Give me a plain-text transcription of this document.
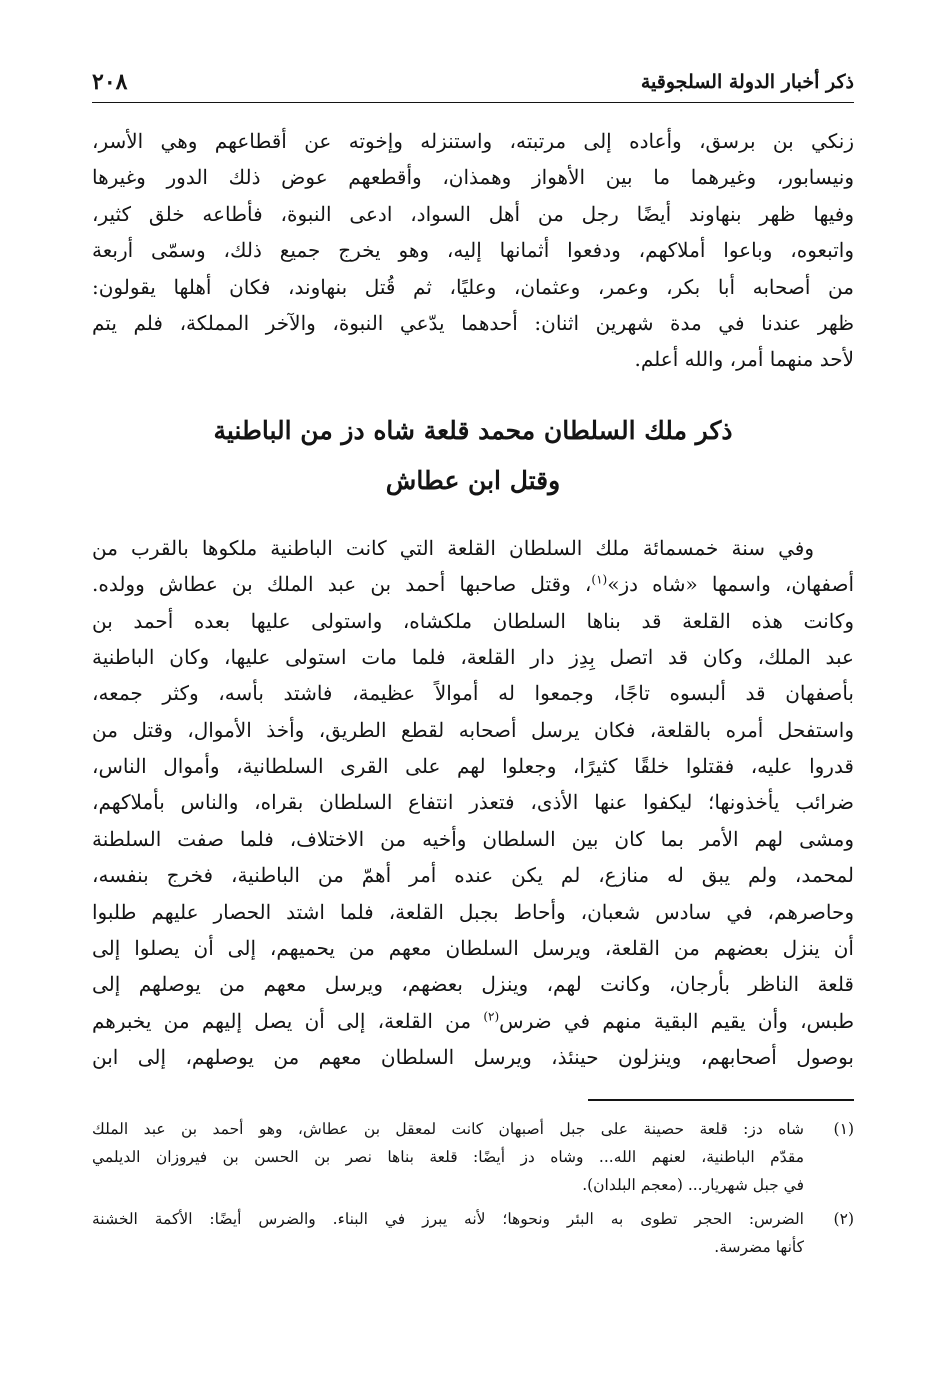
ذكر أخبار الدولة السلجوقية
٢٠٨
زنكي بن برسق، وأعاده إلى مرتبته، واستنزله وإخوته عن أقطاعهم وهي الأسر،
ونيسابور، وغيرهما ما بين الأهواز وهمذان، وأقطعهم عوض ذلك الدور وغيرها
وفيها ظهر بنهاوند أيضًا رجل من أهل السواد، ادعى النبوة، فأطاعه خلق كثير،
واتبعوه، وباعوا أملاكهم، ودفعوا أثمانها إليه، وهو يخرج جميع ذلك، وسمّى أربعة
من أصحابه أبا بكر، وعمر، وعثمان، وعليًا، ثم قُتل بنهاوند، فكان أهلها يقولون:
ظهر عندنا في مدة شهرين اثنان: أحدهما يدّعي النبوة، والآخر المملكة، فلم يتم
لأحد منهما أمر، والله أعلم.
ذكر ملك السلطان محمد قلعة شاه دز من الباطنية
وقتل ابن عطاش
وفي سنة خمسمائة ملك السلطان القلعة التي كانت الباطنية ملكوها بالقرب من
أصفهان، واسمها «شاه دز»$^{(١)}$، وقتل صاحبها أحمد بن عبد الملك بن عطاش وولده.
وكانت هذه القلعة قد بناها السلطان ملكشاه، واستولى عليها بعده أحمد بن
عبد الملك، وكان قد اتصل بِدِز دار القلعة، فلما مات استولى عليها، وكان الباطنية
بأصفهان قد ألبسوه تاجًا، وجمعوا له أموالاً عظيمة، فاشتد بأسه، وكثر جمعه،
واستفحل أمره بالقلعة، فكان يرسل أصحابه لقطع الطريق، وأخذ الأموال، وقتل من
قدروا عليه، فقتلوا خلقًا كثيرًا، وجعلوا لهم على القرى السلطانية، وأموال الناس،
ضرائب يأخذونها؛ ليكفوا عنها الأذى، فتعذر انتفاع السلطان بقراه، والناس بأملاكهم،
ومشى لهم الأمر بما كان بين السلطان وأخيه من الاختلاف، فلما صفت السلطنة
لمحمد، ولم يبق له منازع، لم يكن عنده أمر أهمّ من الباطنية، فخرج بنفسه،
وحاصرهم، في سادس شعبان، وأحاط بجبل القلعة، فلما اشتد الحصار عليهم طلبوا
أن ينزل بعضهم من القلعة، ويرسل السلطان معهم من يحميهم، إلى أن يصلوا إلى
قلعة الناظر بأرجان، وكانت لهم، وينزل بعضهم، ويرسل معهم من يوصلهم إلى
طبس، وأن يقيم البقية منهم في ضرس$^{(٢)}$ من القلعة، إلى أن يصل إليهم من يخبرهم
بوصول أصحابهم، وينزلون حينئذ، ويرسل السلطان معهم من يوصلهم، إلى ابن
(١)
شاه دز: قلعة حصينة على جبل أصبهان كانت لمعقل بن عطاش، وهو أحمد بن عبد الملك
مقدّم الباطنية، لعنهم الله... وشاه دز أيضًا: قلعة بناها نصر بن الحسن بن فيروزان الديلمي
في جبل شهريار... (معجم البلدان).
(٢)
الضرس: الحجر تطوى به البئر ونحوها؛ لأنه يبرز في البناء. والضرس أيضًا: الأكمة الخشنة
كأنها مضرسة.
